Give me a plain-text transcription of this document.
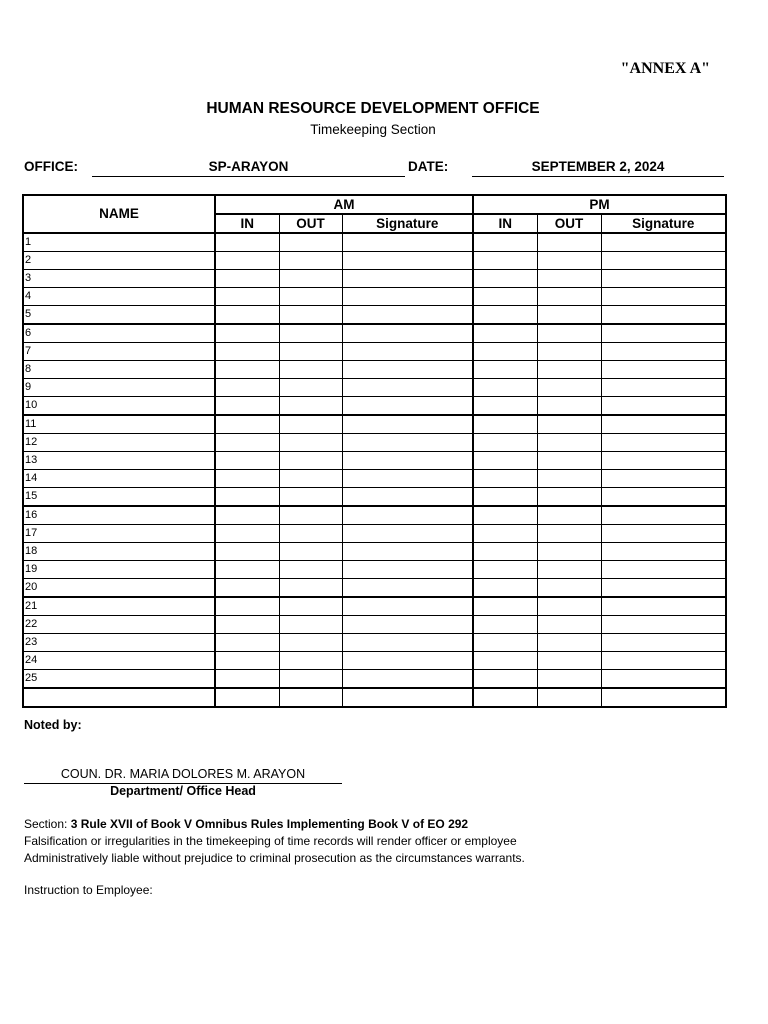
"ANNEX A"
HUMAN RESOURCE DEVELOPMENT OFFICE
Timekeeping Section
OFFICE:	SP-ARAYON	DATE:	SEPTEMBER 2, 2024
NAME	AM			PM		
	IN	OUT	Signature	IN	OUT	Signature
1						
2						
3						
4						
5						
6						
7						
8						
9						
10						
11						
12						
13						
14						
15						
16						
17						
18						
19						
20						
21						
22						
23						
24						
25						

Noted by:
COUN. DR. MARIA DOLORES M. ARAYON
Department/ Office Head
Section: 3 Rule XVII of Book V Omnibus Rules Implementing Book V of EO 292
Falsification or irregularities in the timekeeping of time records will render officer or employee
Administratively liable without prejudice to criminal prosecution as the circumstances warrants.
Instruction to Employee:
